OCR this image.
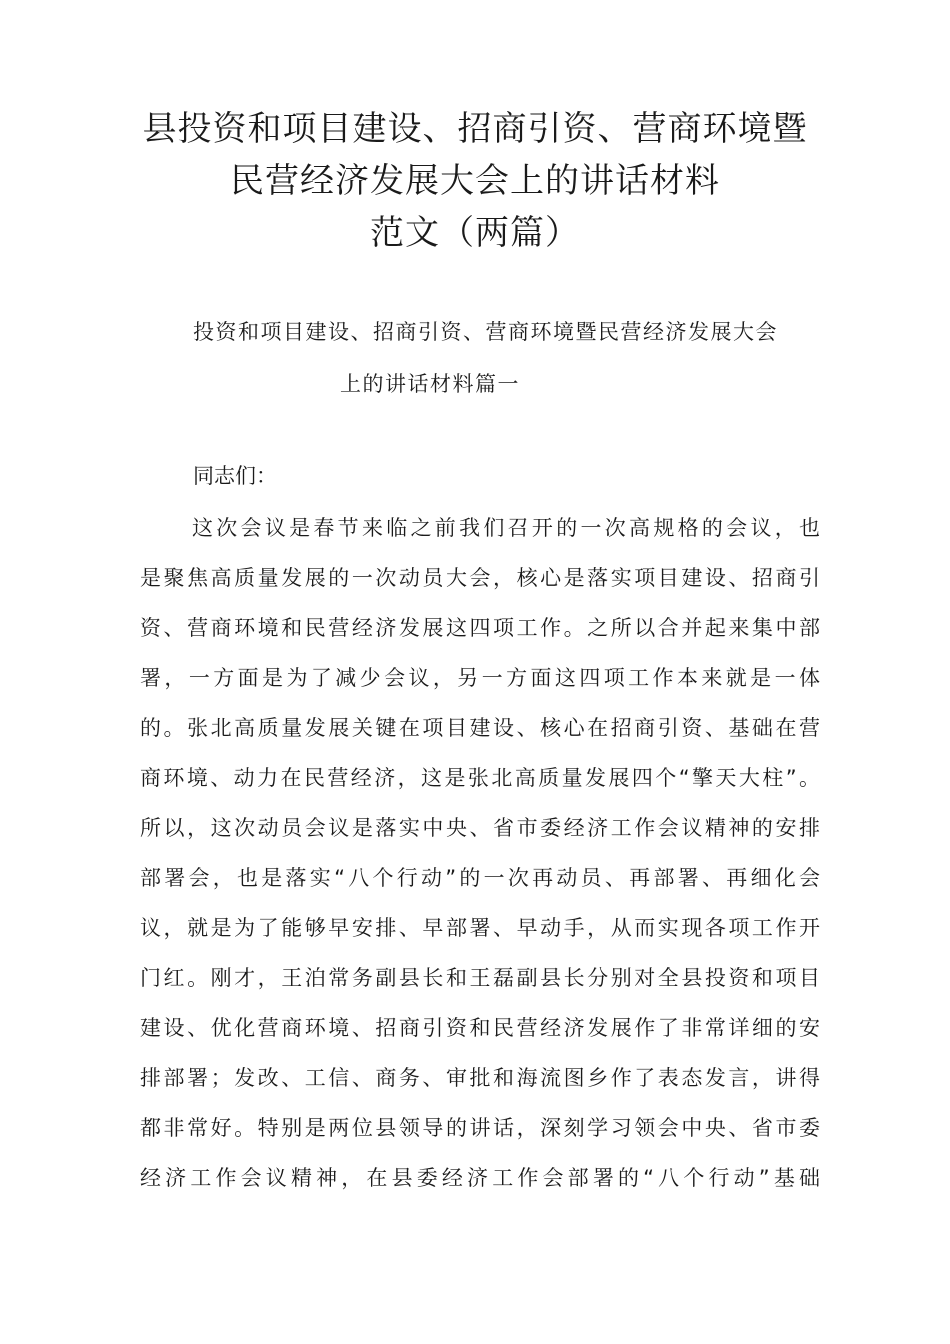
县投资和项目建设、招商引资、营商环境暨
民营经济发展大会上的讲话材料
范文（两篇）
投资和项目建设、招商引资、营商环境暨民营经济发展大会
上的讲话材料篇一
同志们：
这次会议是春节来临之前我们召开的一次高规格的会议，也
是聚焦高质量发展的一次动员大会，核心是落实项目建设、招商引
资、营商环境和民营经济发展这四项工作。之所以合并起来集中部
署，一方面是为了减少会议，另一方面这四项工作本来就是一体
的。张北高质量发展关键在项目建设、核心在招商引资、基础在营
商环境、动力在民营经济，这是张北高质量发展四个“擎天大柱”。
所以，这次动员会议是落实中央、省市委经济工作会议精神的安排
部署会，也是落实“八个行动”的一次再动员、再部署、再细化会
议，就是为了能够早安排、早部署、早动手，从而实现各项工作开
门红。刚才，王泊常务副县长和王磊副县长分别对全县投资和项目
建设、优化营商环境、招商引资和民营经济发展作了非常详细的安
排部署；发改、工信、商务、审批和海流图乡作了表态发言，讲得
都非常好。特别是两位县领导的讲话，深刻学习领会中央、省市委
经济工作会议精神，在县委经济工作会部署的“八个行动”基础
